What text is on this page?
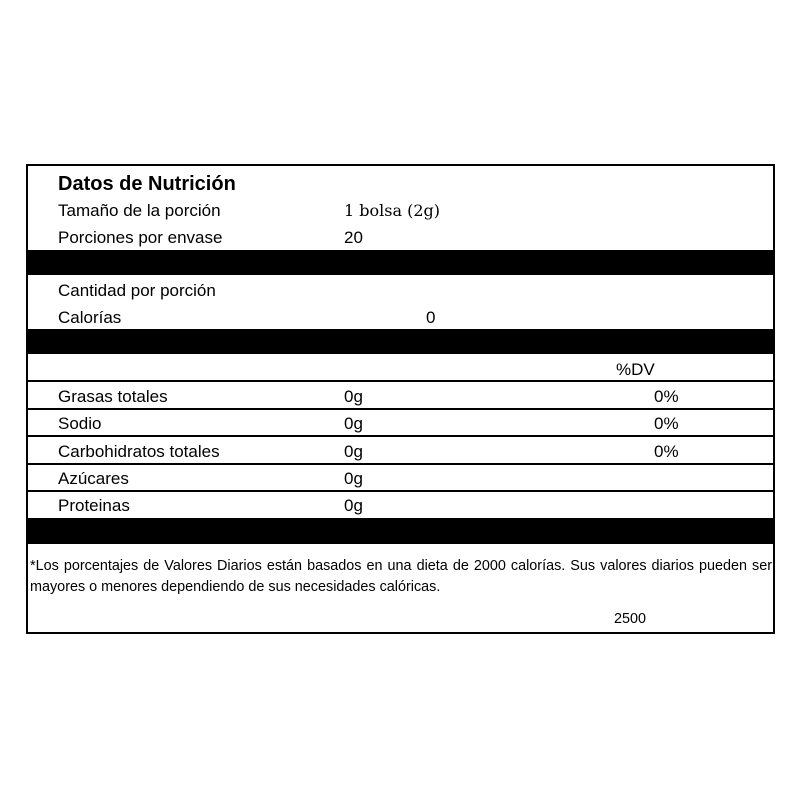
Datos de Nutrición
Tamaño de la porción	1 bolsa (2g)
Porciones por envase	20
Cantidad por porción
Calorías	0
%DV
Grasas totales	0g	0%
Sodio	0g	0%
Carbohidratos totales	0g	0%
Azúcares	0g
Proteinas	0g
*Los porcentajes de Valores Diarios están basados en una dieta de 2000 calorías. Sus valores diarios pueden ser mayores o menores dependiendo de sus necesidades calóricas.
2500
